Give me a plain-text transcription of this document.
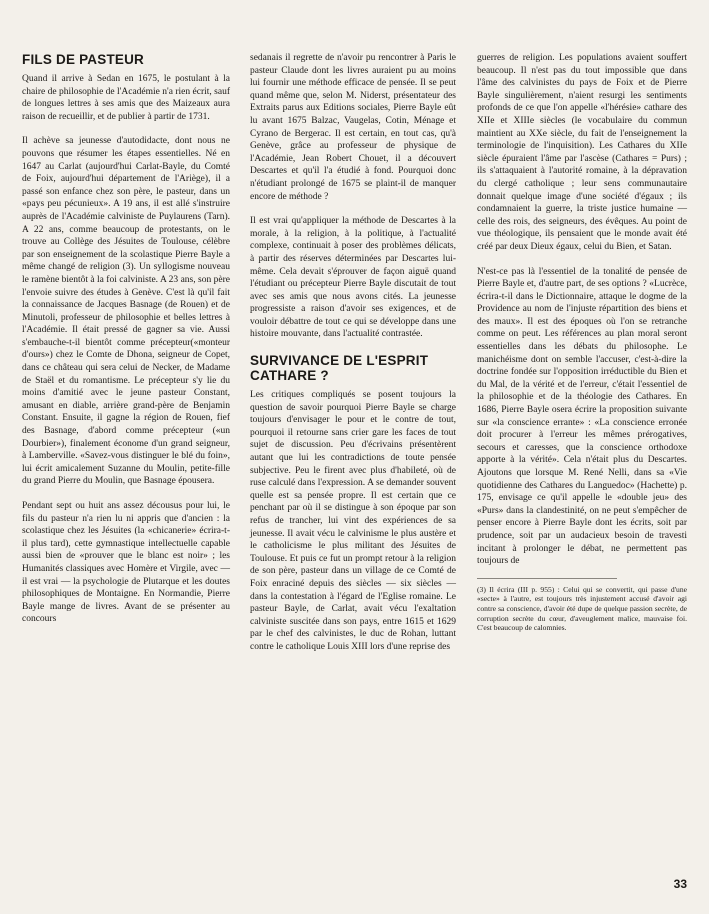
FILS DE PASTEUR

Quand il arrive à Sedan en 1675, le postulant à la chaire de philosophie de l'Académie n'a rien écrit, sauf de longues lettres à ses amis que des Maizeaux aura raison de recueillir, et de publier à partir de 1731.

Il achève sa jeunesse d'autodidacte, dont nous ne pouvons que résumer les étapes essentielles. Né en 1647 au Carlat (aujourd'hui Carlat-Bayle, du Comté de Foix, aujourd'hui département de l'Ariège), il a passé son enfance chez son père, le pasteur, dans un «pays peu pécunieux». A 19 ans, il est allé s'instruire auprès de l'Académie calviniste de Puylaurens (Tarn). A 22 ans, comme beaucoup de protestants, on le trouve au Collège des Jésuites de Toulouse, célèbre par son enseignement de la scolastique Pierre Bayle a même changé de religion (3). Un syllogisme nouveau le ramène bientôt à la foi calviniste. A 23 ans, son père l'envoie suivre des études à Genève. C'est là qu'il fait la connaissance de Jacques Basnage (de Rouen) et de Minutoli, professeur de philosophie et belles lettres à l'Académie. Il était pressé de gagner sa vie. Aussi s'embauche-t-il bientôt comme précepteur(«monteur d'ours») chez le Comte de Dhona, seigneur de Copet, dans ce château qui sera celui de Necker, de Madame de Staël et du romantisme. Le précepteur s'y lie du moins d'amitié avec le jeune pasteur Constant, amusant en diable, arrière grand-père de Benjamin Constant. Ensuite, il gagne la région de Rouen, fief des Basnage, d'abord comme précepteur («un Dourbier»), finalement économe d'un grand seigneur, à Lamberville. «Savez-vous distinguer le blé du foin», lui écrit amicalement Suzanne du Moulin, petite-fille du grand Pierre du Moulin, que Basnage épousera.

Pendant sept ou huit ans assez décousus pour lui, le fils du pasteur n'a rien lu ni appris que d'ancien : la scolastique chez les Jésuites (la «chicanerie» écrira-t-il plus tard), cette gymnastique intellectuelle capable aussi bien de «prouver que le blanc est noir» ; les Humanités classiques avec Homère et Virgile, avec — il est vrai — la psychologie de Plutarque et les doutes philosophiques de Montaigne. En Normandie, Pierre Bayle mange de livres. Avant de se présenter au concours

sedanais il regrette de n'avoir pu rencontrer à Paris le pasteur Claude dont les livres auraient pu au moins lui fournir une méthode efficace de pensée. Il se peut quand même que, selon M. Niderst, présentateur des Extraits parus aux Editions sociales, Pierre Bayle eût lu avant 1675 Balzac, Vaugelas, Cotin, Ménage et Cyrano de Bergerac. Il est certain, en tout cas, qu'à Genève, grâce au professeur de physique de l'Académie, Jean Robert Chouet, il a découvert Descartes et qu'il l'a étudié à fond. Pourquoi donc n'étudiant prolongé de 1675 se plaint-il de manquer encore de méthode ?

Il est vrai qu'appliquer la méthode de Descartes à la morale, à la religion, à la politique, à l'actualité complexe, continuait à poser des problèmes délicats, à partir des réserves déterminées par Descartes lui-même. Cela devait s'éprouver de façon aiguë quand l'étudiant ou précepteur Pierre Bayle discutait de tout avec ses amis que nous avons cités. La jeunesse progressiste a raison d'avoir ses exigences, et de vouloir débattre de tout ce qui se développe dans une histoire mouvante, dans l'actualité contrastée.

SURVIVANCE DE L'ESPRIT CATHARE ?

Les critiques compliqués se posent toujours la question de savoir pourquoi Pierre Bayle se charge toujours d'envisager le pour et le contre de tout, pourquoi il retourne sans crier gare les faces de tout sujet de discussion. Peu d'écrivains présentèrent autant que lui les contradictions de toute pensée subjective. Peu le firent avec plus d'habileté, où de ruse calculé dans l'expression. A se demander souvent quelle est sa pensée propre. Il est certain que ce penchant par où il se distingue à son époque par son refus de trancher, lui vint des expériences de sa jeunesse. Il avait vécu le calvinisme le plus austère et le catholicisme le plus militant des Jésuites de Toulouse. Et puis ce fut un prompt retour à la religion de son père, pasteur dans un village de ce Comté de Foix enraciné depuis des siècles — six siècles — dans la contestation à l'égard de l'Eglise romaine. Le pasteur Bayle, de Carlat, avait vécu l'exaltation calviniste suscitée dans son pays, entre 1615 et 1629 par le chef des calvinistes, le duc de Rohan, luttant contre le catholique Louis XIII lors d'une reprise des

guerres de religion. Les populations avaient souffert beaucoup. Il n'est pas du tout impossible que dans l'âme des calvinistes du pays de Foix et de Pierre Bayle singulièrement, n'aient resurgi les sentiments profonds de ce que l'on appelle «l'hérésie» cathare des XIIe et XIIIe siècles (le vocabulaire du commun maintient au XXe siècle, du fait de l'enseignement la terminologie de l'inquisition). Les Cathares du XIIe siècle épuraient l'âme par l'ascèse (Cathares = Purs) ; ils s'attaquaient à l'autorité romaine, à la dépravation du clergé catholique ; leur sens communautaire donnait quelque image d'une société d'égaux ; ils condamnaient la guerre, la triste justice humaine — celle des rois, des seigneurs, des évêques. Au point de vue théologique, ils pensaient que le monde avait été créé par deux Dieux égaux, celui du Bien, et Satan.

N'est-ce pas là l'essentiel de la tonalité de pensée de Pierre Bayle et, d'autre part, de ses options ? «Lucrèce, écrira-t-il dans le Dictionnaire, attaque le dogme de la Providence au nom de l'injuste répartition des biens et des maux». Il est des époques où l'on se retranche comme on peut. Les références au plan moral seront essentielles dans les débats du philosophe. Le manichéisme dont on semble l'accuser, c'est-à-dire la doctrine fondée sur l'opposition irréductible du Bien et du Mal, de la vérité et de l'erreur, c'était l'essentiel de la philosophie et de la théologie des Cathares. En 1686, Pierre Bayle osera écrire la proposition suivante sur «la conscience errante» : «La conscience erronée doit procurer à l'erreur les mêmes prérogatives, secours et caresses, que la conscience orthodoxe apporte à la vérité». Cela n'était plus du Descartes. Ajoutons que lorsque M. René Nelli, dans sa «Vie quotidienne des Cathares du Languedoc» (Hachette) p. 175, envisage ce qu'il appelle le «double jeu» des «Purs» dans la clandestinité, on ne peut s'empêcher de penser encore à Pierre Bayle dont les écrits, soit par prudence, soit par un audacieux besoin de travesti incitant à prolonger le débat, ne permettent pas toujours de

(3) Il écrira (III p. 955) : Celui qui se convertit, qui passe d'une «secte» à l'autre, est toujours très injustement accusé d'avoir agi contre sa conscience, d'avoir été dupe de quelque passion secrète, de corruption secrète du cœur, d'aveuglement malice, mauvaise foi. C'est beaucoup de calomnies.

33
